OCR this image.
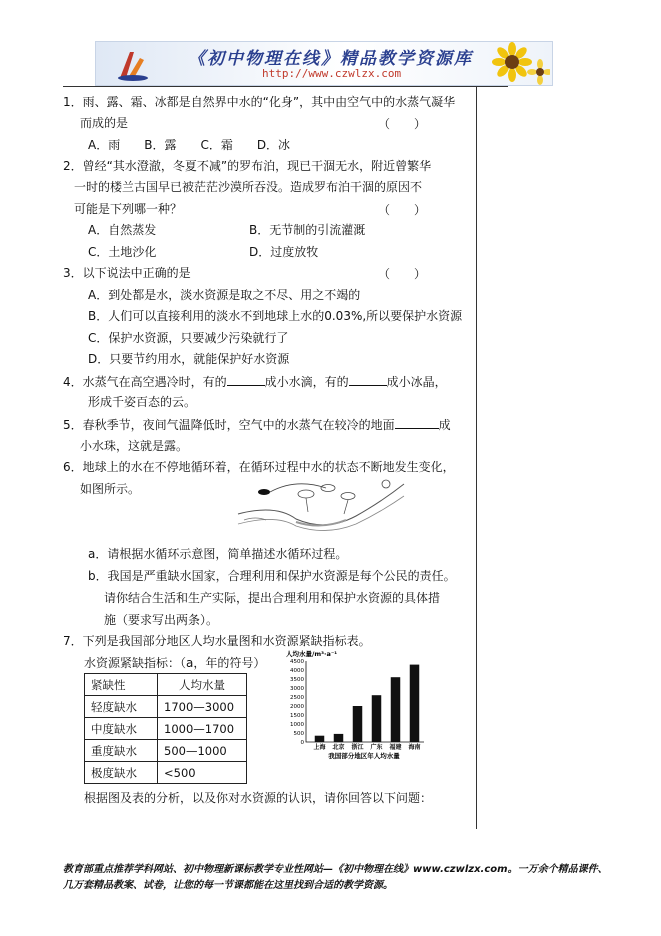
《初中物理在线》精品教学资源库
http://www.czwlzx.com
1．雨、露、霜、冰都是自然界中水的“化身”，其中由空气中的水蒸气凝华
而成的是	（　　）
A．雨　　B．露　　C．霜　　D．冰
2．曾经“其水澄澈，冬夏不减”的罗布泊，现已干涸无水，附近曾繁华
一时的楼兰古国早已被茫茫沙漠所吞没。造成罗布泊干涸的原因不
可能是下列哪一种？	（　　）
A．自然蒸发	B．无节制的引流灌溉
C．土地沙化	D．过度放牧
3．以下说法中正确的是	（　　）
A．到处都是水，淡水资源是取之不尽、用之不竭的
B．人们可以直接利用的淡水不到地球上水的0.03%,所以要保护水资源
C．保护水资源，只要减少污染就行了
D．只要节约用水，就能保护好水资源
4．水蒸气在高空遇冷时，有的	成小水滴，有的	成小冰晶，
形成千姿百态的云。
5．春秋季节，夜间气温降低时，空气中的水蒸气在较冷的地面	成
小水珠，这就是露。
6．地球上的水在不停地循环着，在循环过程中水的状态不断地发生变化，
如图所示。
a．请根据水循环示意图，简单描述水循环过程。
b．我国是严重缺水国家，合理利用和保护水资源是每个公民的责任。
请你结合生活和生产实际，提出合理利用和保护水资源的具体措
施（要求写出两条）。
7．下列是我国部分地区人均水量图和水资源紧缺指标表。
水资源紧缺指标：（a，年的符号）
紧缺性	人均水量
轻度缺水	1700—3000
中度缺水	1000—1700
重度缺水	500—1000
极度缺水	<500
人均水量/m³·a⁻¹
4500
4000
3500
3000
2500
2000
1500
1000
500
0
上海 北京 浙江 广东 福建 海南
我国部分地区年人均水量
根据图及表的分析，以及你对水资源的认识，请你回答以下问题：
教育部重点推荐学科网站、初中物理新课标教学专业性网站—《初中物理在线》www.czwlzx.com。一万余个精品课件、
几万套精品教案、试卷，让您的每一节课都能在这里找到合适的教学资源。
